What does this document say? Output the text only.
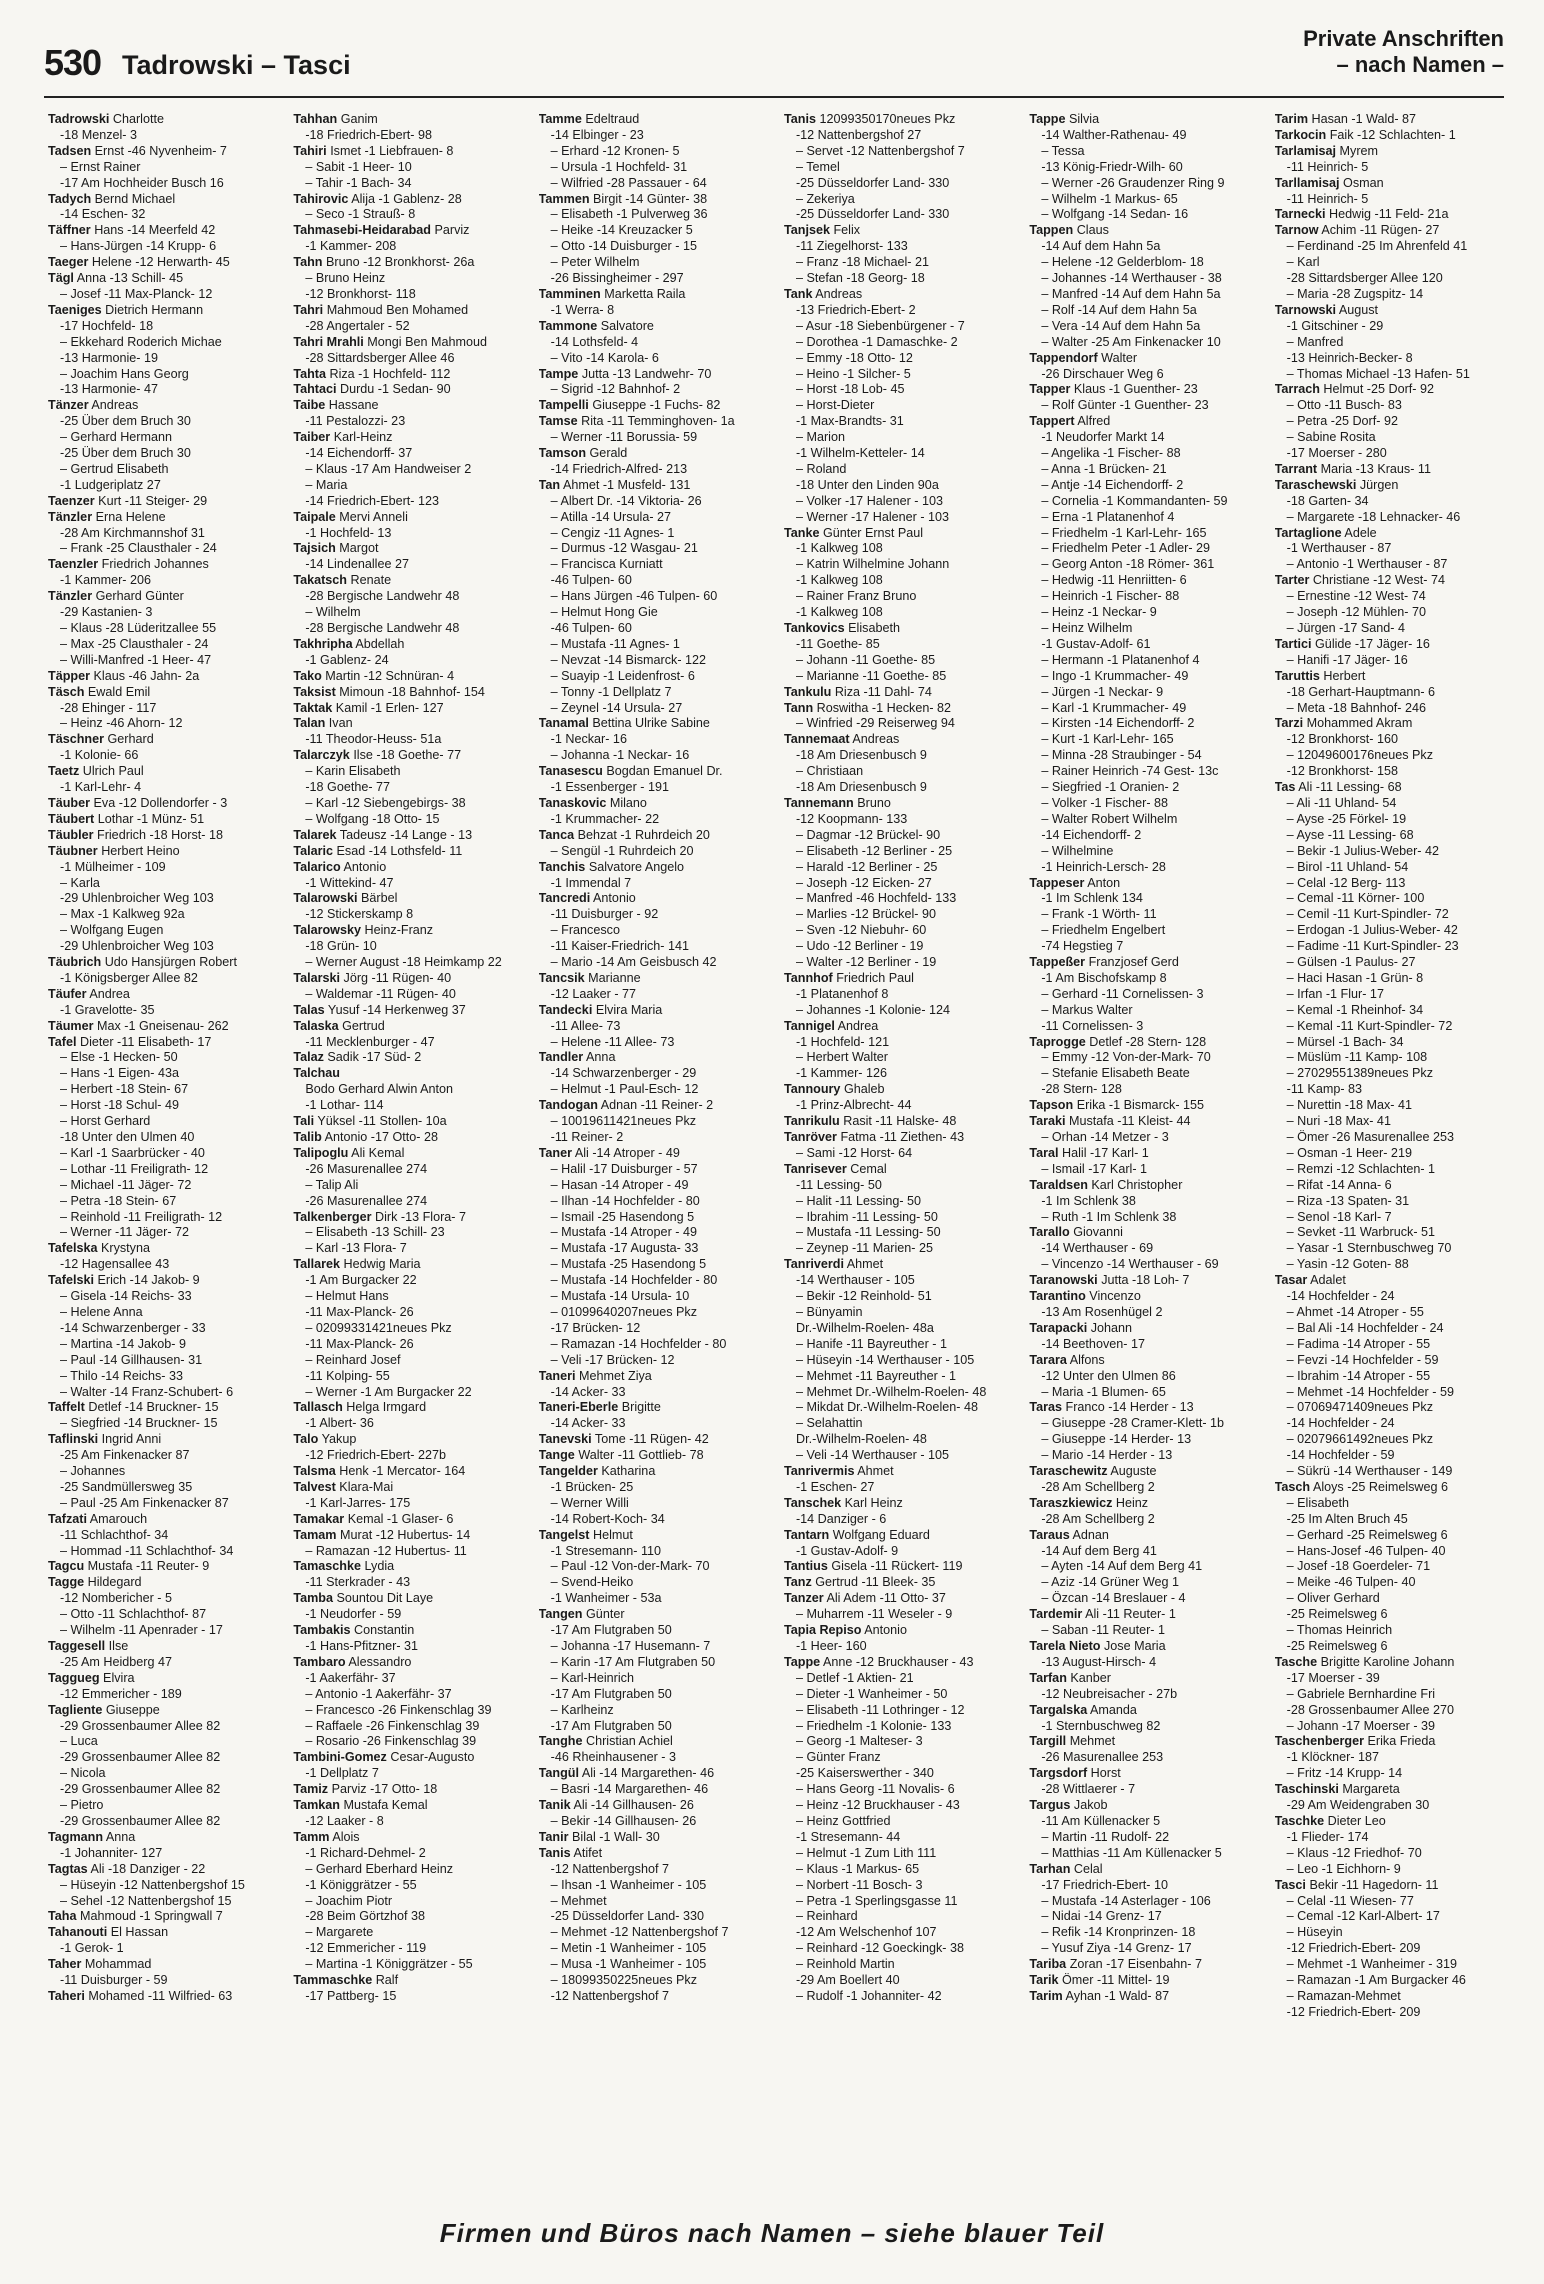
530 Tadrowski – Tasci
Private Anschriften
– nach Namen –
Tadrowski Charlotte
-18 Menzel- 3
Tadsen Ernst -46 Nyvenheim- 7
– Ernst Rainer
-17 Am Hochheider Busch 16
Tadych Bernd Michael
-14 Eschen- 32
Täffner Hans -14 Meerfeld 42
– Hans-Jürgen -14 Krupp- 6
Taeger Helene -12 Herwarth- 45
Tägl Anna -13 Schill- 45
– Josef -11 Max-Planck- 12
Taeniges Dietrich Hermann
-17 Hochfeld- 18
– Ekkehard Roderich Michae
-13 Harmonie- 19
– Joachim Hans Georg
-13 Harmonie- 47
Tänzer Andreas
-25 Über dem Bruch 30
– Gerhard Hermann
-25 Über dem Bruch 30
– Gertrud Elisabeth
-1 Ludgeriplatz 27
Taenzer Kurt -11 Steiger- 29
Tänzler Erna Helene
-28 Am Kirchmannshof 31
– Frank -25 Clausthaler - 24
Taenzler Friedrich Johannes
-1 Kammer- 206
Tänzler Gerhard Günter
-29 Kastanien- 3
– Klaus -28 Lüderitzallee 55
– Max -25 Clausthaler - 24
– Willi-Manfred -1 Heer- 47
Täpper Klaus -46 Jahn- 2a
Täsch Ewald Emil
-28 Ehinger - 117
– Heinz -46 Ahorn- 12
Täschner Gerhard
-1 Kolonie- 66
Taetz Ulrich Paul
-1 Karl-Lehr- 4
Täuber Eva -12 Dollendorfer - 3
Täubert Lothar -1 Münz- 51
Täubler Friedrich -18 Horst- 18
Täubner Herbert Heino
-1 Mülheimer - 109
– Karla
-29 Uhlenbroicher Weg 103
– Max -1 Kalkweg 92a
– Wolfgang Eugen
-29 Uhlenbroicher Weg 103
Täubrich Udo Hansjürgen Robert
-1 Königsberger Allee 82
Täufer Andrea
-1 Gravelotte- 35
Täumer Max -1 Gneisenau- 262
Tafel Dieter -11 Elisabeth- 17
– Else -1 Hecken- 50
– Hans -1 Eigen- 43a
– Herbert -18 Stein- 67
– Horst -18 Schul- 49
– Horst Gerhard
-18 Unter den Ulmen 40
– Karl -1 Saarbrücker - 40
– Lothar -11 Freiligrath- 12
– Michael -11 Jäger- 72
– Petra -18 Stein- 67
– Reinhold -11 Freiligrath- 12
– Werner -11 Jäger- 72
Tafelska Krystyna
-12 Hagensallee 43
Tafelski Erich -14 Jakob- 9
– Gisela -14 Reichs- 33
– Helene Anna
-14 Schwarzenberger - 33
– Martina -14 Jakob- 9
– Paul -14 Gillhausen- 31
– Thilo -14 Reichs- 33
– Walter -14 Franz-Schubert- 6
Taffelt Detlef -14 Bruckner- 15
– Siegfried -14 Bruckner- 15
Taflinski Ingrid Anni
-25 Am Finkenacker 87
– Johannes
-25 Sandmüllersweg 35
– Paul -25 Am Finkenacker 87
Tafzati Amarouch
-11 Schlachthof- 34
– Hommad -11 Schlachthof- 34
Tagcu Mustafa -11 Reuter- 9
Tagge Hildegard
-12 Nombericher - 5
– Otto -11 Schlachthof- 87
– Wilhelm -11 Apenrader - 17
Taggesell Ilse
-25 Am Heidberg 47
Tagguеg Elvira
-12 Emmericher - 189
Tagliente Giuseppe
-29 Grossenbaumer Allee 82
– Luca
-29 Grossenbaumer Allee 82
– Nicola
-29 Grossenbaumer Allee 82
– Pietro
-29 Grossenbaumer Allee 82
Tagmann Anna
-1 Johanniter- 127
Tagtas Ali -18 Danziger - 22
– Hüseyin -12 Nattenbergshof 15
– Sehel -12 Nattenbergshof 15
Taha Mahmoud -1 Springwall 7
Tahanouti El Hassan
-1 Gerok- 1
Taher Mohammad
-11 Duisburger - 59
Taheri Mohamed -11 Wilfried- 63
Tahhan Ganim
-18 Friedrich-Ebert- 98
Tahiri Ismet -1 Liebfrauen- 8
– Sabit -1 Heer- 10
– Tahir -1 Bach- 34
Tahirovic Alija -1 Gablenz- 28
– Seco -1 Strauß- 8
Tahmasebi-Heidarabad Parviz
-1 Kammer- 208
Tahn Bruno -12 Bronkhorst- 26a
– Bruno Heinz
-12 Bronkhorst- 118
Tahri Mahmoud Ben Mohamed
-28 Angertaler - 52
Tahri Mrahli Mongi Ben Mahmoud
-28 Sittardsberger Allee 46
Tahta Riza -1 Hochfeld- 112
Tahtaci Durdu -1 Sedan- 90
Taibe Hassane
-11 Pestalozzi- 23
Taiber Karl-Heinz
-14 Eichendorff- 37
– Klaus -17 Am Handweiser 2
– Maria
-14 Friedrich-Ebert- 123
Taipale Mervi Anneli
-1 Hochfeld- 13
Tajsich Margot
-14 Lindenallee 27
Takatsch Renate
-28 Bergische Landwehr 48
– Wilhelm
-28 Bergische Landwehr 48
Takhripha Abdellah
-1 Gablenz- 24
Tako Martin -12 Schnüran- 4
Taksist Mimoun -18 Bahnhof- 154
Taktak Kamil -1 Erlen- 127
Talan Ivan
-11 Theodor-Heuss- 51a
Talarczyk Ilse -18 Goethe- 77
– Karin Elisabeth
-18 Goethe- 77
– Karl -12 Siebengebirgs- 38
– Wolfgang -18 Otto- 15
Talarek Tadeusz -14 Lange - 13
Talaric Esad -14 Lothsfeld- 11
Talarico Antonio
-1 Wittekind- 47
Talarowski Bärbel
-12 Stickerskamp 8
Talarowsky Heinz-Franz
-18 Grün- 10
– Werner August -18 Heimkamp 22
Talarski Jörg -11 Rügen- 40
– Waldemar -11 Rügen- 40
Talas Yusuf -14 Herkenweg 37
Talaska Gertrud
-11 Mecklenburger - 47
Talaz Sadik -17 Süd- 2
Talchau
Bodo Gerhard Alwin Anton
-1 Lothar- 114
Tali Yüksel -11 Stollen- 10a
Talib Antonio -17 Otto- 28
Talipoglu Ali Kemal
-26 Masurenallee 274
– Talip Ali
-26 Masurenallee 274
Talkenberger Dirk -13 Flora- 7
– Elisabeth -13 Schill- 23
– Karl -13 Flora- 7
Tallarek Hedwig Maria
-1 Am Burgacker 22
– Helmut Hans
-11 Max-Planck- 26
– 02099331421neues Pkz
-11 Max-Planck- 26
– Reinhard Josef
-11 Kolping- 55
– Werner -1 Am Burgacker 22
Tallasch Helga Irmgard
-1 Albert- 36
Talo Yakup
-12 Friedrich-Ebert- 227b
Talsma Henk -1 Mercator- 164
Talvest Klara-Mai
-1 Karl-Jarres- 175
Tamakar Kemal -1 Glaser- 6
Tamam Murat -12 Hubertus- 14
– Ramazan -12 Hubertus- 11
Tamaschke Lydia
-11 Sterkrader - 43
Tamba Sountou Dit Laye
-1 Neudorfer - 59
Tambakis Constantin
-1 Hans-Pfitzner- 31
Tambaro Alessandro
-1 Aakerfähr- 37
– Antonio -1 Aakerfähr- 37
– Francesco -26 Finkenschlag 39
– Raffaele -26 Finkenschlag 39
– Rosario -26 Finkenschlag 39
Tambini-Gomez Cesar-Augusto
-1 Dellplatz 7
Tamiz Parviz -17 Otto- 18
Tamkan Mustafa Kemal
-12 Laaker - 8
Tamm Alois
-1 Richard-Dehmel- 2
– Gerhard Eberhard Heinz
-1 Königgrätzer - 55
– Joachim Piotr
-28 Beim Görtzhof 38
– Margarete
-12 Emmericher - 119
– Martina -1 Königgrätzer - 55
Tammaschke Ralf
-17 Pattberg- 15
Tamme Edeltraud
-14 Elbinger - 23
– Erhard -12 Kronen- 5
– Ursula -1 Hochfeld- 31
– Wilfried -28 Passauer - 64
Tammen Birgit -14 Günter- 38
– Elisabeth -1 Pulverweg 36
– Heike -14 Kreuzacker 5
– Otto -14 Duisburger - 15
– Peter Wilhelm
-26 Bissingheimer - 297
Tamminen Marketta Raila
-1 Werra- 8
Tammone Salvatore
-14 Lothsfeld- 4
– Vito -14 Karola- 6
Tampe Jutta -13 Landwehr- 70
– Sigrid -12 Bahnhof- 2
Tampelli Giuseppe -1 Fuchs- 82
Tamse Rita -11 Temminghoven- 1a
– Werner -11 Borussia- 59
Tamson Gerald
-14 Friedrich-Alfred- 213
Tan Ahmet -1 Musfeld- 131
– Albert Dr. -14 Viktoria- 26
– Atilla -14 Ursula- 27
– Cengiz -11 Agnes- 1
– Durmus -12 Wasgau- 21
– Francisca Kurniatt
-46 Tulpen- 60
– Hans Jürgen -46 Tulpen- 60
– Helmut Hong Gie
-46 Tulpen- 60
– Mustafa -11 Agnes- 1
– Nevzat -14 Bismarck- 122
– Suayip -1 Leidenfrost- 6
– Tonny -1 Dellplatz 7
– Zeynel -14 Ursula- 27
Tanamal Bettina Ulrike Sabine
-1 Neckar- 16
– Johanna -1 Neckar- 16
Tanasescu Bogdan Emanuel Dr.
-1 Essenberger - 191
Tanaskovic Milano
-1 Krummacher- 22
Tanca Behzat -1 Ruhrdeich 20
– Sengül -1 Ruhrdeich 20
Tanchis Salvatore Angelo
-1 Immendal 7
Tancredi Antonio
-11 Duisburger - 92
– Francesco
-11 Kaiser-Friedrich- 141
– Mario -14 Am Geisbusch 42
Tancsik Marianne
-12 Laaker - 77
Tandecki Elvira Maria
-11 Allee- 73
– Helene -11 Allee- 73
Tandler Anna
-14 Schwarzenberger - 29
– Helmut -1 Paul-Esch- 12
Tandogan Adnan -11 Reiner- 2
– 10019611421neues Pkz
-11 Reiner- 2
Taner Ali -14 Atroper - 49
– Halil -17 Duisburger - 57
– Hasan -14 Atroper - 49
– Ilhan -14 Hochfelder - 80
– Ismail -25 Hasendong 5
– Mustafa -14 Atroper - 49
– Mustafa -17 Augusta- 33
– Mustafa -25 Hasendong 5
– Mustafa -14 Hochfelder - 80
– Mustafa -14 Ursula- 10
– 01099640207neues Pkz
-17 Brücken- 12
– Ramazan -14 Hochfelder - 80
– Veli -17 Brücken- 12
Taneri Mehmet Ziya
-14 Acker- 33
Taneri-Eberle Brigitte
-14 Acker- 33
Tanevski Tome -11 Rügen- 42
Tange Walter -11 Gottlieb- 78
Tangelder Katharina
-1 Brücken- 25
– Werner Willi
-14 Robert-Koch- 34
Tangelst Helmut
-1 Stresemann- 110
– Paul -12 Von-der-Mark- 70
– Svend-Heiko
-1 Wanheimer - 53a
Tangen Günter
-17 Am Flutgraben 50
– Johanna -17 Husemann- 7
– Karin -17 Am Flutgraben 50
– Karl-Heinrich
-17 Am Flutgraben 50
– Karlheinz
-17 Am Flutgraben 50
Tanghe Christian Achiel
-46 Rheinhausener - 3
Tangül Ali -14 Margarethen- 46
– Basri -14 Margarethen- 46
Tanik Ali -14 Gillhausen- 26
– Bekir -14 Gillhausen- 26
Tanir Bilal -1 Wall- 30
Tanis Atifet
-12 Nattenbergshof 7
– Ihsan -1 Wanheimer - 105
– Mehmet
-25 Düsseldorfer Land- 330
– Mehmet -12 Nattenbergshof 7
– Metin -1 Wanheimer - 105
– Musa -1 Wanheimer - 105
– 18099350225neues Pkz
-12 Nattenbergshof 7
Tanis 12099350170neues Pkz
-12 Nattenbergshof 27
– Servet -12 Nattenbergshof 7
– Temel
-25 Düsseldorfer Land- 330
– Zekeriya
-25 Düsseldorfer Land- 330
Tanjsek Felix
-11 Ziegelhorst- 133
– Franz -18 Michael- 21
– Stefan -18 Georg- 18
Tank Andreas
-13 Friedrich-Ebert- 2
– Asur -18 Siebenbürgener - 7
– Dorothea -1 Damaschke- 2
– Emmy -18 Otto- 12
– Heino -1 Silcher- 5
– Horst -18 Lob- 45
– Horst-Dieter
-1 Max-Brandts- 31
– Marion
-1 Wilhelm-Ketteler- 14
– Roland
-18 Unter den Linden 90a
– Volker -17 Halener - 103
– Werner -17 Halener - 103
Tanke Günter Ernst Paul
-1 Kalkweg 108
– Katrin Wilhelmine Johann
-1 Kalkweg 108
– Rainer Franz Bruno
-1 Kalkweg 108
Tankovics Elisabeth
-11 Goethe- 85
– Johann -11 Goethe- 85
– Marianne -11 Goethe- 85
Tankulu Riza -11 Dahl- 74
Tann Roswitha -1 Hecken- 82
– Winfried -29 Reiserweg 94
Tannemaat Andreas
-18 Am Driesenbusch 9
– Christiaan
-18 Am Driesenbusch 9
Tannemann Bruno
-12 Koopmann- 133
– Dagmar -12 Brückel- 90
– Elisabeth -12 Berliner - 25
– Harald -12 Berliner - 25
– Joseph -12 Eicken- 27
– Manfred -46 Hochfeld- 133
– Marlies -12 Brückel- 90
– Sven -12 Niebuhr- 60
– Udo -12 Berliner - 19
– Walter -12 Berliner - 19
Tannhof Friedrich Paul
-1 Platanenhof 8
– Johannes -1 Kolonie- 124
Tannigel Andrea
-1 Hochfeld- 121
– Herbert Walter
-1 Kammer- 126
Tannoury Ghaleb
-1 Prinz-Albrecht- 44
Tanrikulu Rasit -11 Halske- 48
Tanröver Fatma -11 Ziethen- 43
– Sami -12 Horst- 64
Tanrisever Cemal
-11 Lessing- 50
– Halit -11 Lessing- 50
– Ibrahim -11 Lessing- 50
– Mustafa -11 Lessing- 50
– Zeynep -11 Marien- 25
Tanriverdi Ahmet
-14 Werthauser - 105
– Bekir -12 Reinhold- 51
– Bünyamin
Dr.-Wilhelm-Roelen- 48a
– Hanife -11 Bayreuther - 1
– Hüseyin -14 Werthauser - 105
– Mehmet -11 Bayreuther - 1
– Mehmet Dr.-Wilhelm-Roelen- 48
– Mikdat Dr.-Wilhelm-Roelen- 48
– Selahattin
Dr.-Wilhelm-Roelen- 48
– Veli -14 Werthauser - 105
Tanrivermis Ahmet
-1 Eschen- 27
Tanschek Karl Heinz
-14 Danziger - 6
Tantarn Wolfgang Eduard
-1 Gustav-Adolf- 9
Tantius Gisela -11 Rückert- 119
Tanz Gertrud -11 Bleek- 35
Tanzer Ali Adem -11 Otto- 37
– Muharrem -11 Weseler - 9
Tapia Repiso Antonio
-1 Heer- 160
Tappe Anne -12 Bruckhauser - 43
– Detlef -1 Aktien- 21
– Dieter -1 Wanheimer - 50
– Elisabeth -11 Lothringer - 12
– Friedhelm -1 Kolonie- 133
– Georg -1 Malteser- 3
– Günter Franz
-25 Kaiserswerther - 340
– Hans Georg -11 Novalis- 6
– Heinz -12 Bruckhauser - 43
– Heinz Gottfried
-1 Stresemann- 44
– Helmut -1 Zum Lith 111
– Klaus -1 Markus- 65
– Norbert -11 Bosch- 3
– Petra -1 Sperlingsgasse 11
– Reinhard
-12 Am Welschenhof 107
– Reinhard -12 Goeckingk- 38
– Reinhold Martin
-29 Am Boellert 40
– Rudolf -1 Johanniter- 42
Tappe Silvia
-14 Walther-Rathenau- 49
– Tessa
-13 König-Friedr-Wilh- 60
– Werner -26 Graudenzer Ring 9
– Wilhelm -1 Markus- 65
– Wolfgang -14 Sedan- 16
Tappen Claus
-14 Auf dem Hahn 5a
– Helene -12 Gelderblom- 18
– Johannes -14 Werthauser - 38
– Manfred -14 Auf dem Hahn 5a
– Rolf -14 Auf dem Hahn 5a
– Vera -14 Auf dem Hahn 5a
– Walter -25 Am Finkenacker 10
Tappendorf Walter
-26 Dirschauer Weg 6
Tapper Klaus -1 Guenther- 23
– Rolf Günter -1 Guenther- 23
Tappert Alfred
-1 Neudorfer Markt 14
– Angelika -1 Fischer- 88
– Anna -1 Brücken- 21
– Antje -14 Eichendorff- 2
– Cornelia -1 Kommandanten- 59
– Erna -1 Platanenhof 4
– Friedhelm -1 Karl-Lehr- 165
– Friedhelm Peter -1 Adler- 29
– Georg Anton -18 Römer- 361
– Hedwig -11 Henriitten- 6
– Heinrich -1 Fischer- 88
– Heinz -1 Neckar- 9
– Heinz Wilhelm
-1 Gustav-Adolf- 61
– Hermann -1 Platanenhof 4
– Ingo -1 Krummacher- 49
– Jürgen -1 Neckar- 9
– Karl -1 Krummacher- 49
– Kirsten -14 Eichendorff- 2
– Kurt -1 Karl-Lehr- 165
– Minna -28 Straubinger - 54
– Rainer Heinrich -74 Gest- 13c
– Siegfried -1 Oranien- 2
– Volker -1 Fischer- 88
– Walter Robert Wilhelm
-14 Eichendorff- 2
– Wilhelmine
-1 Heinrich-Lersch- 28
Tappeser Anton
-1 Im Schlenk 134
– Frank -1 Wörth- 11
– Friedhelm Engelbert
-74 Hegstieg 7
Tappeßer Franzjosef Gerd
-1 Am Bischofskamp 8
– Gerhard -11 Cornelissen- 3
– Markus Walter
-11 Cornelissen- 3
Taprogge Detlef -28 Stern- 128
– Emmy -12 Von-der-Mark- 70
– Stefanie Elisabeth Beate
-28 Stern- 128
Tapson Erika -1 Bismarck- 155
Taraki Mustafa -11 Kleist- 44
– Orhan -14 Metzer - 3
Taral Halil -17 Karl- 1
– Ismail -17 Karl- 1
Taraldsen Karl Christopher
-1 Im Schlenk 38
– Ruth -1 Im Schlenk 38
Tarallo Giovanni
-14 Werthauser - 69
– Vincenzo -14 Werthauser - 69
Taranowski Jutta -18 Loh- 7
Tarantino Vincenzo
-13 Am Rosenhügel 2
Tarapacki Johann
-14 Beethoven- 17
Tarara Alfons
-12 Unter den Ulmen 86
– Maria -1 Blumen- 65
Taras Franco -14 Herder - 13
– Giuseppe -28 Cramer-Klett- 1b
– Giuseppe -14 Herder- 13
– Mario -14 Herder - 13
Taraschewitz Auguste
-28 Am Schellberg 2
Taraszkiewicz Heinz
-28 Am Schellberg 2
Taraus Adnan
-14 Auf dem Berg 41
– Ayten -14 Auf dem Berg 41
– Aziz -14 Grüner Weg 1
– Özcan -14 Breslauer - 4
Tardemir Ali -11 Reuter- 1
– Saban -11 Reuter- 1
Tarela Nieto Jose Maria
-13 August-Hirsch- 4
Tarfan Kanber
-12 Neubreisacher - 27b
Targalska Amanda
-1 Sternbuschweg 82
Targill Mehmet
-26 Masurenallee 253
Targsdorf Horst
-28 Wittlaerer - 7
Targus Jakob
-11 Am Küllenacker 5
– Martin -11 Rudolf- 22
– Matthias -11 Am Küllenacker 5
Tarhan Celal
-17 Friedrich-Ebert- 10
– Mustafa -14 Asterlager - 106
– Nidai -14 Grenz- 17
– Refik -14 Kronprinzen- 18
– Yusuf Ziya -14 Grenz- 17
Tariba Zoran -17 Eisenbahn- 7
Tarik Ömer -11 Mittel- 19
Tarim Ayhan -1 Wald- 87
Tarim Hasan -1 Wald- 87
Tarkocin Faik -12 Schlachten- 1
Tarlamisaj Myrem
-11 Heinrich- 5
Tarllamisaj Osman
-11 Heinrich- 5
Tarnecki Hedwig -11 Feld- 21a
Tarnow Achim -11 Rügen- 27
– Ferdinand -25 Im Ahrenfeld 41
– Karl
-28 Sittardsberger Allee 120
– Maria -28 Zugspitz- 14
Tarnowski August
-1 Gitschiner - 29
– Manfred
-13 Heinrich-Becker- 8
– Thomas Michael -13 Hafen- 51
Tarrach Helmut -25 Dorf- 92
– Otto -11 Busch- 83
– Petra -25 Dorf- 92
– Sabine Rosita
-17 Moerser - 280
Tarrant Maria -13 Kraus- 11
Taraschewski Jürgen
-18 Garten- 34
– Margarete -18 Lehnacker- 46
Tartaglione Adele
-1 Werthauser - 87
– Antonio -1 Werthauser - 87
Tarter Christiane -12 West- 74
– Ernestine -12 West- 74
– Joseph -12 Mühlen- 70
– Jürgen -17 Sand- 4
Tartici Gülide -17 Jäger- 16
– Hanifi -17 Jäger- 16
Taruttis Herbert
-18 Gerhart-Hauptmann- 6
– Meta -18 Bahnhof- 246
Tarzi Mohammed Akram
-12 Bronkhorst- 160
– 12049600176neues Pkz
-12 Bronkhorst- 158
Tas Ali -11 Lessing- 68
– Ali -11 Uhland- 54
– Ayse -25 Förkel- 19
– Ayse -11 Lessing- 68
– Bekir -1 Julius-Weber- 42
– Birol -11 Uhland- 54
– Celal -12 Berg- 113
– Cemal -11 Körner- 100
– Cemil -11 Kurt-Spindler- 72
– Erdogan -1 Julius-Weber- 42
– Fadime -11 Kurt-Spindler- 23
– Gülsen -1 Paulus- 27
– Haci Hasan -1 Grün- 8
– Irfan -1 Flur- 17
– Kemal -1 Rheinhof- 34
– Kemal -11 Kurt-Spindler- 72
– Mürsel -1 Bach- 34
– Müslüm -11 Kamp- 108
– 27029551389neues Pkz
-11 Kamp- 83
– Nurettin -18 Max- 41
– Nuri -18 Max- 41
– Ömer -26 Masurenallee 253
– Osman -1 Heer- 219
– Remzi -12 Schlachten- 1
– Rifat -14 Anna- 6
– Riza -13 Spaten- 31
– Senol -18 Karl- 7
– Sevket -11 Warbruck- 51
– Yasar -1 Sternbuschweg 70
– Yasin -12 Goten- 88
Tasar Adalet
-14 Hochfelder - 24
– Ahmet -14 Atroper - 55
– Bal Ali -14 Hochfelder - 24
– Fadima -14 Atroper - 55
– Fevzi -14 Hochfelder - 59
– Ibrahim -14 Atroper - 55
– Mehmet -14 Hochfelder - 59
– 07069471409neues Pkz
-14 Hochfelder - 24
– 02079661492neues Pkz
-14 Hochfelder - 59
– Sükrü -14 Werthauser - 149
Tasch Aloys -25 Reimelsweg 6
– Elisabeth
-25 Im Alten Bruch 45
– Gerhard -25 Reimelsweg 6
– Hans-Josef -46 Tulpen- 40
– Josef -18 Goerdeler- 71
– Meike -46 Tulpen- 40
– Oliver Gerhard
-25 Reimelsweg 6
– Thomas Heinrich
-25 Reimelsweg 6
Tasche Brigitte Karoline Johann
-17 Moerser - 39
– Gabriele Bernhardine Fri
-28 Grossenbaumer Allee 270
– Johann -17 Moerser - 39
Taschenberger Erika Frieda
-1 Klöckner- 187
– Fritz -14 Krupp- 14
Taschinski Margareta
-29 Am Weidengraben 30
Taschke Dieter Leo
-1 Flieder- 174
– Klaus -12 Friedhof- 70
– Leo -1 Eichhorn- 9
Tasci Bekir -11 Hagedorn- 11
– Celal -11 Wiesen- 77
– Cemal -12 Karl-Albert- 17
– Hüseyin
-12 Friedrich-Ebert- 209
– Mehmet -1 Wanheimer - 319
– Ramazan -1 Am Burgacker 46
– Ramazan-Mehmet
-12 Friedrich-Ebert- 209
Firmen und Büros nach Namen – siehe blauer Teil
